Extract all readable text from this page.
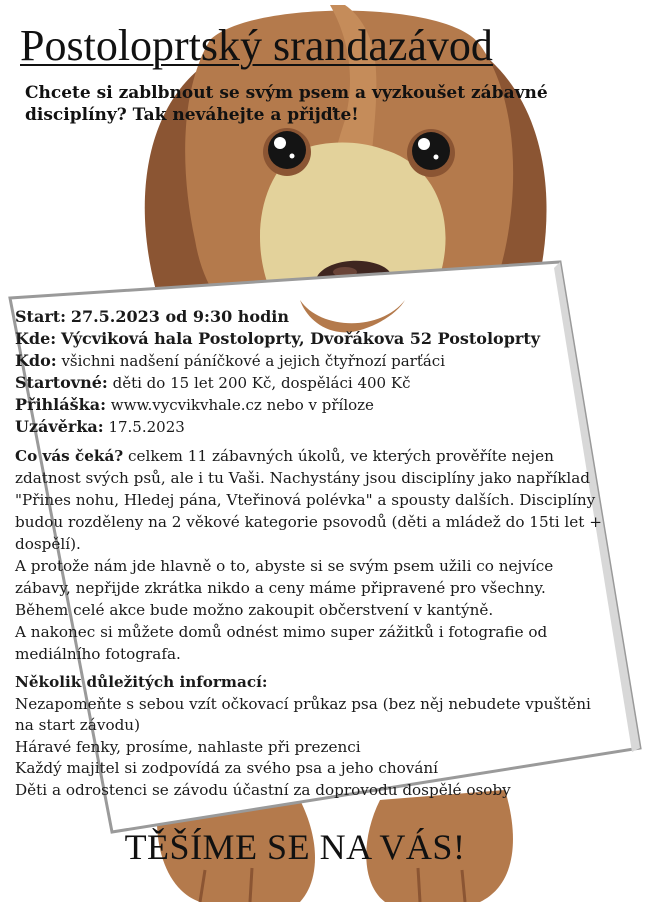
Postoloprtský srandazávod

Chcete si zablbnout se svým psem a vyzkoušet zábavné disciplíny? Tak neváhejte a přijďte!

Start: 27.5.2023 od 9:30 hodin
Kde: Výcviková hala Postoloprty, Dvořákova 52 Postoloprty
Kdo: všichni nadšení páníčkové a jejich čtyřnozí parťáci
Startovné: děti do 15 let 200 Kč, dospěláci 400 Kč
Přihláška: www.vycvikvhale.cz nebo v příloze
Uzávěrka: 17.5.2023

Co vás čeká? celkem 11 zábavných úkolů, ve kterých prověříte nejen zdatnost svých psů, ale i tu Vaši. Nachystány jsou disciplíny jako například "Přines nohu, Hledej pána, Vteřinová polévka" a spousty dalších. Disciplíny budou rozděleny na 2 věkové kategorie psovodů (děti a mládež do 15ti let + dospělí).

A protože nám jde hlavně o to, abyste si se svým psem užili co nejvíce zábavy, nepřijde zkrátka nikdo a ceny máme připravené pro všechny.

Během celé akce bude možno zakoupit občerstvení v kantýně.

A nakonec si můžete domů odnést mimo super zážitků i fotografie od mediálního fotografa.

Několik důležitých informací:

Nezapomeňte s sebou vzít očkovací průkaz psa (bez něj nebudete vpuštěni na start závodu)

Háravé fenky, prosíme, nahlaste při prezenci

Každý majitel si zodpovídá za svého psa a jeho chování

Děti a odrostenci se závodu účastní za doprovodu dospělé osoby

TĚŠÍME SE NA VÁS!
